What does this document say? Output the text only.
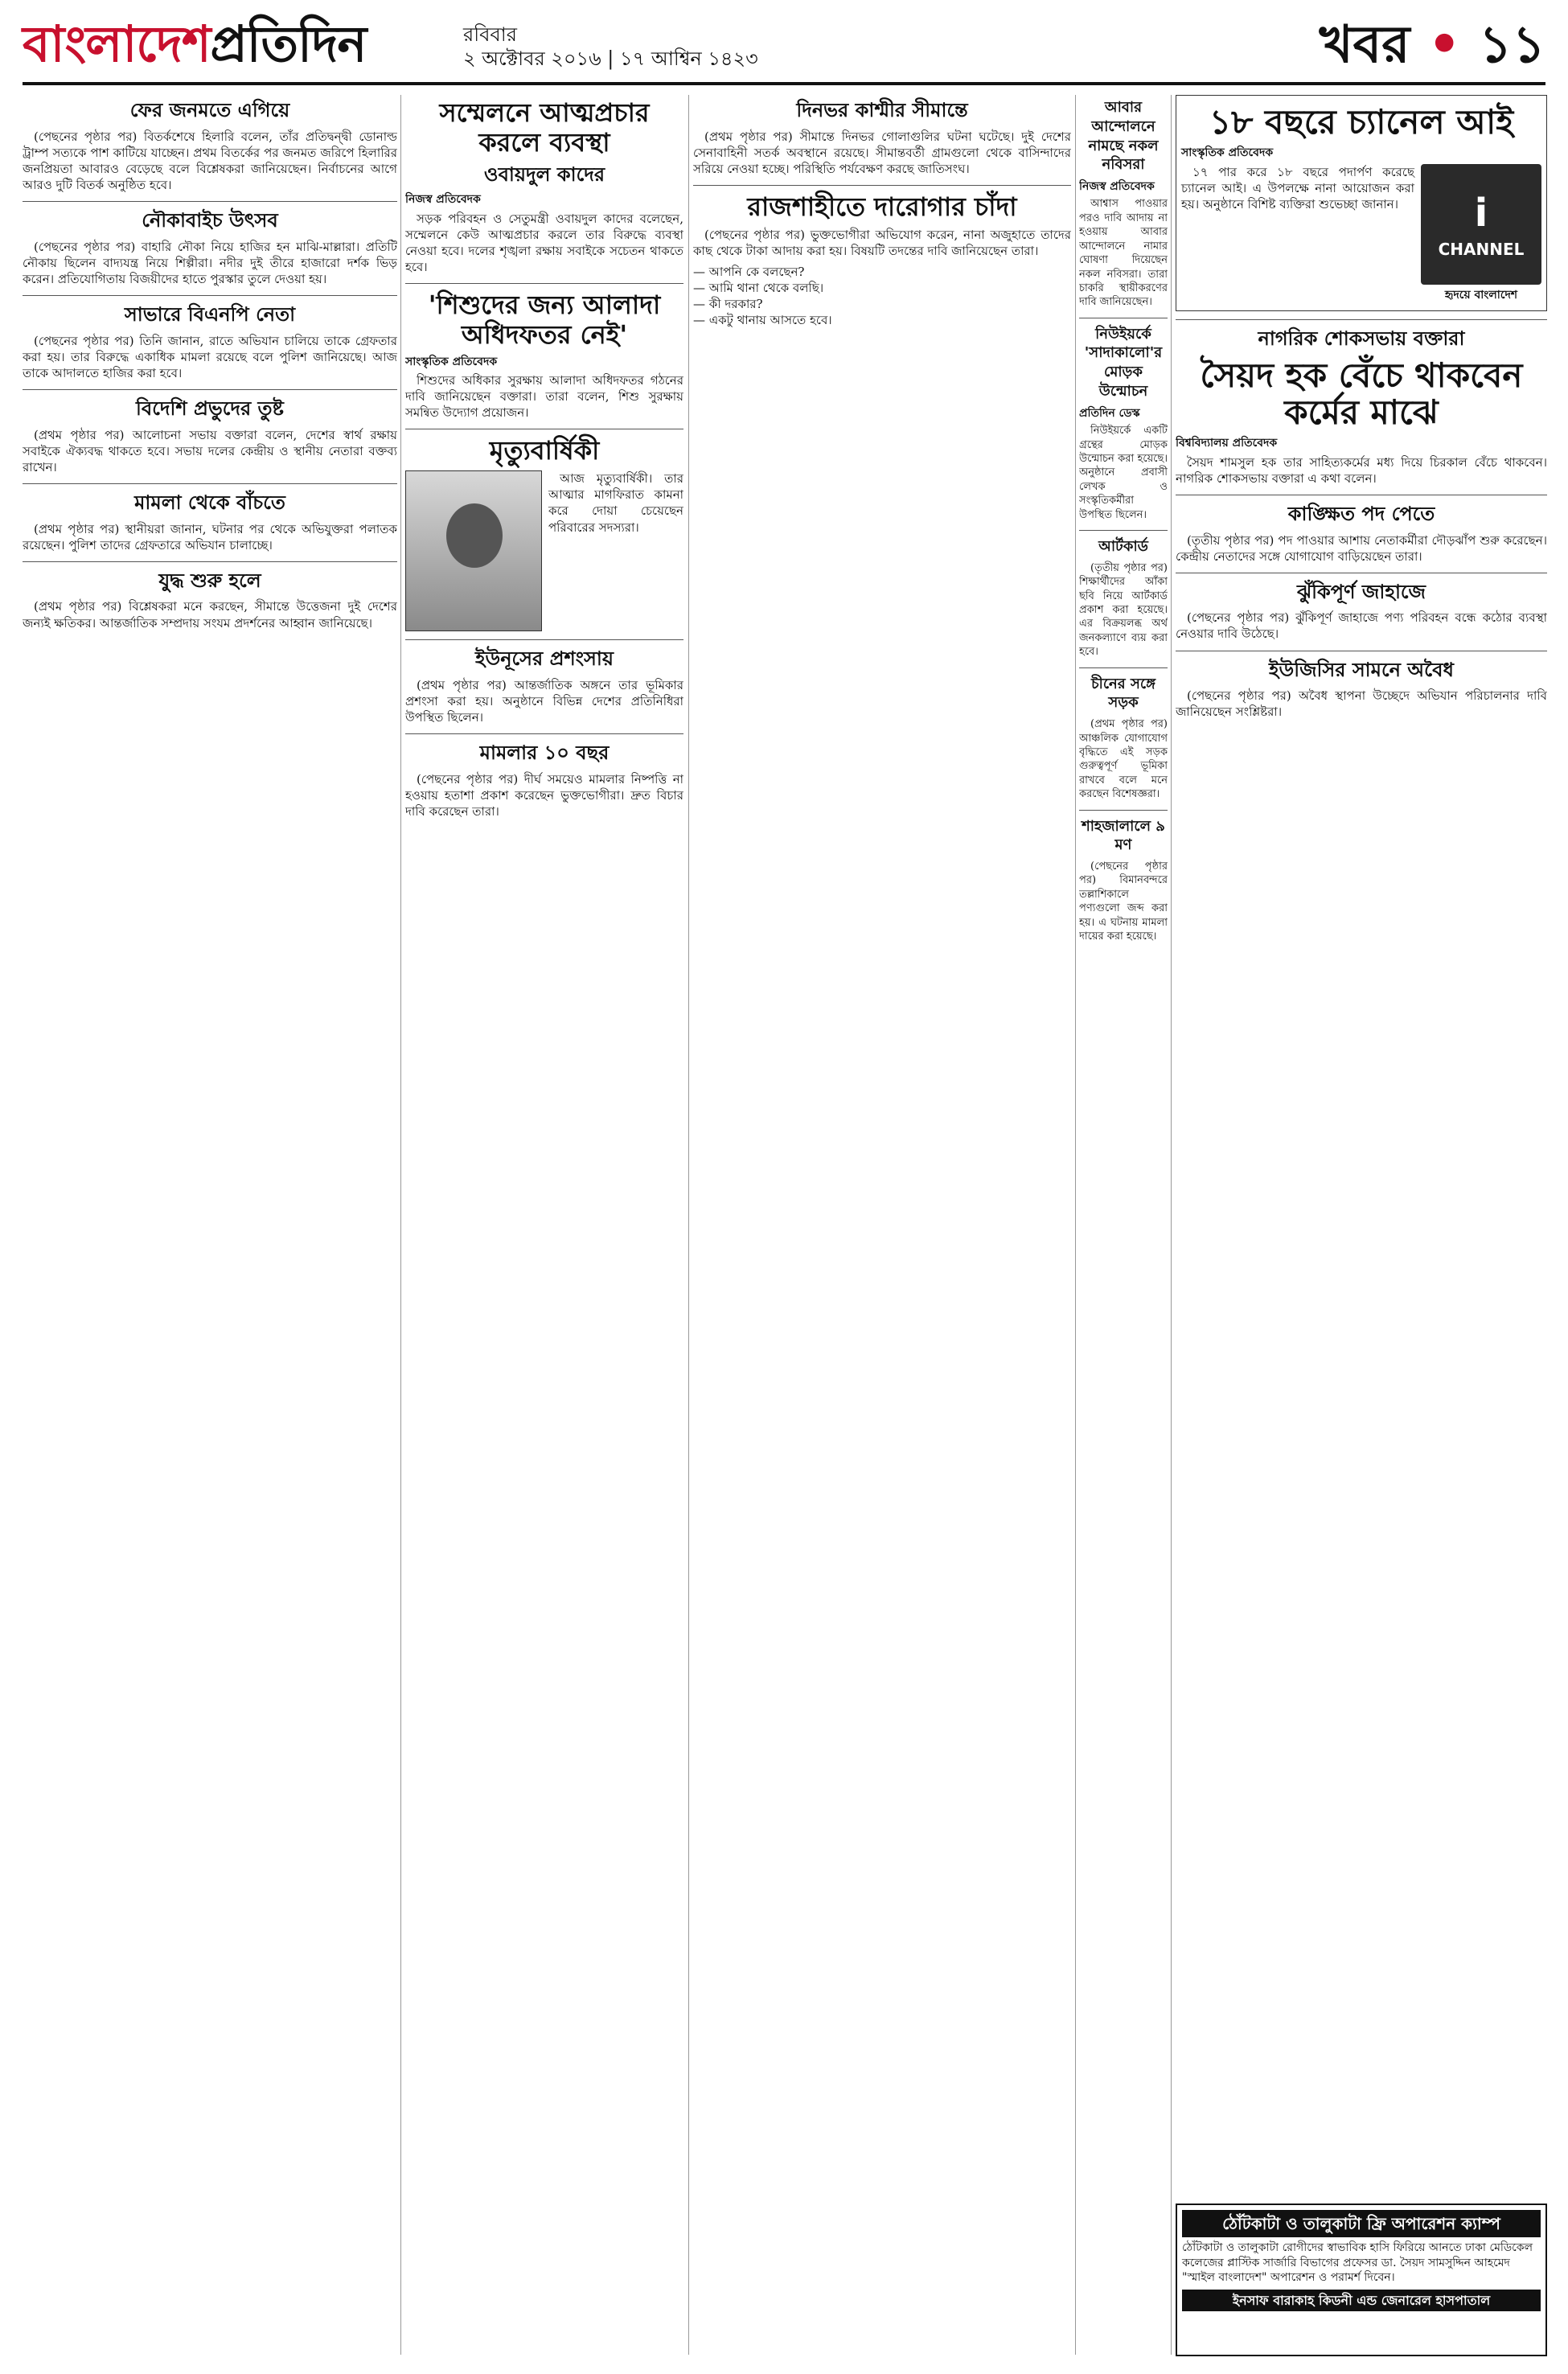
বাংলাদেশপ্রতিদিন	রবিবার
২ অক্টোবর ২০১৬ | ১৭ আশ্বিন ১৪২৩	খবর • ১১
ফের জনমতে এগিয়ে

(পেছনের পৃষ্ঠার পর) বিতর্কশেষে হিলারি বলেন, তাঁর প্রতিদ্বন্দ্বী ডোনাল্ড ট্রাম্প সত্যকে পাশ কাটিয়ে যাচ্ছেন। প্রথম বিতর্কের পর জনমত জরিপে হিলারির জনপ্রিয়তা আবারও বেড়েছে বলে বিশ্লেষকরা জানিয়েছেন। নির্বাচনের আগে আরও দুটি বিতর্ক অনুষ্ঠিত হবে।

নৌকাবাইচ উৎসব

(পেছনের পৃষ্ঠার পর) বাহারি নৌকা নিয়ে হাজির হন মাঝি-মাল্লারা। প্রতিটি নৌকায় ছিলেন বাদ্যযন্ত্র নিয়ে শিল্পীরা। নদীর দুই তীরে হাজারো দর্শক ভিড় করেন। প্রতিযোগিতায় বিজয়ীদের হাতে পুরস্কার তুলে দেওয়া হয়।

সাভারে বিএনপি নেতা

(পেছনের পৃষ্ঠার পর) তিনি জানান, রাতে অভিযান চালিয়ে তাকে গ্রেফতার করা হয়। তার বিরুদ্ধে একাধিক মামলা রয়েছে বলে পুলিশ জানিয়েছে। আজ তাকে আদালতে হাজির করা হবে।

বিদেশি প্রভুদের তুষ্ট

(প্রথম পৃষ্ঠার পর) আলোচনা সভায় বক্তারা বলেন, দেশের স্বার্থ রক্ষায় সবাইকে ঐক্যবদ্ধ থাকতে হবে। সভায় দলের কেন্দ্রীয় ও স্থানীয় নেতারা বক্তব্য রাখেন।

মামলা থেকে বাঁচতে

(প্রথম পৃষ্ঠার পর) স্থানীয়রা জানান, ঘটনার পর থেকে অভিযুক্তরা পলাতক রয়েছেন। পুলিশ তাদের গ্রেফতারে অভিযান চালাচ্ছে।

যুদ্ধ শুরু হলে

(প্রথম পৃষ্ঠার পর) বিশ্লেষকরা মনে করছেন, সীমান্তে উত্তেজনা দুই দেশের জন্যই ক্ষতিকর। আন্তর্জাতিক সম্প্রদায় সংযম প্রদর্শনের আহ্বান জানিয়েছে।

সম্মেলনে আত্মপ্রচার করলে ব্যবস্থা
ওবায়দুল কাদের
নিজস্ব প্রতিবেদক

সড়ক পরিবহন ও সেতুমন্ত্রী ওবায়দুল কাদের বলেছেন, সম্মেলনে কেউ আত্মপ্রচার করলে তার বিরুদ্ধে ব্যবস্থা নেওয়া হবে। দলের শৃঙ্খলা রক্ষায় সবাইকে সচেতন থাকতে হবে।

'শিশুদের জন্য আলাদা অধিদফতর নেই'
সাংস্কৃতিক প্রতিবেদক

শিশুদের অধিকার সুরক্ষায় আলাদা অধিদফতর গঠনের দাবি জানিয়েছেন বক্তারা। তারা বলেন, শিশু সুরক্ষায় সমন্বিত উদ্যোগ প্রয়োজন।

মৃত্যুবার্ষিকী

আজ মৃত্যুবার্ষিকী। তার আত্মার মাগফিরাত কামনা করে দোয়া চেয়েছেন পরিবারের সদস্যরা।

ইউনূসের প্রশংসায়

(প্রথম পৃষ্ঠার পর) আন্তর্জাতিক অঙ্গনে তার ভূমিকার প্রশংসা করা হয়। অনুষ্ঠানে বিভিন্ন দেশের প্রতিনিধিরা উপস্থিত ছিলেন।

মামলার ১০ বছর

(পেছনের পৃষ্ঠার পর) দীর্ঘ সময়েও মামলার নিষ্পত্তি না হওয়ায় হতাশা প্রকাশ করেছেন ভুক্তভোগীরা। দ্রুত বিচার দাবি করেছেন তারা।

দিনভর কাশ্মীর সীমান্তে

(প্রথম পৃষ্ঠার পর) সীমান্তে দিনভর গোলাগুলির ঘটনা ঘটেছে। দুই দেশের সেনাবাহিনী সতর্ক অবস্থানে রয়েছে। সীমান্তবর্তী গ্রামগুলো থেকে বাসিন্দাদের সরিয়ে নেওয়া হচ্ছে। পরিস্থিতি পর্যবেক্ষণ করছে জাতিসংঘ।

রাজশাহীতে দারোগার চাঁদা

(পেছনের পৃষ্ঠার পর) ভুক্তভোগীরা অভিযোগ করেন, নানা অজুহাতে তাদের কাছ থেকে টাকা আদায় করা হয়। বিষয়টি তদন্তের দাবি জানিয়েছেন তারা।

— আপনি কে বলছেন?
— আমি থানা থেকে বলছি।
— কী দরকার?
— একটু থানায় আসতে হবে।
আবার আন্দোলনে নামছে নকল নবিসরা
নিজস্ব প্রতিবেদক

আশ্বাস পাওয়ার পরও দাবি আদায় না হওয়ায় আবার আন্দোলনে নামার ঘোষণা দিয়েছেন নকল নবিসরা। তারা চাকরি স্থায়ীকরণের দাবি জানিয়েছেন।

নিউইয়র্কে 'সাদাকালো'র মোড়ক উন্মোচন
প্রতিদিন ডেস্ক

নিউইয়র্কে একটি গ্রন্থের মোড়ক উন্মোচন করা হয়েছে। অনুষ্ঠানে প্রবাসী লেখক ও সংস্কৃতিকর্মীরা উপস্থিত ছিলেন।

আর্টকার্ড

(তৃতীয় পৃষ্ঠার পর) শিক্ষার্থীদের আঁকা ছবি নিয়ে আর্টকার্ড প্রকাশ করা হয়েছে। এর বিক্রয়লব্ধ অর্থ জনকল্যাণে ব্যয় করা হবে।

চীনের সঙ্গে সড়ক

(প্রথম পৃষ্ঠার পর) আঞ্চলিক যোগাযোগ বৃদ্ধিতে এই সড়ক গুরুত্বপূর্ণ ভূমিকা রাখবে বলে মনে করছেন বিশেষজ্ঞরা।

শাহজালালে ৯ মণ

(পেছনের পৃষ্ঠার পর) বিমানবন্দরে তল্লাশিকালে পণ্যগুলো জব্দ করা হয়। এ ঘটনায় মামলা দায়ের করা হয়েছে।

১৮ বছরে চ্যানেল আই
সাংস্কৃতিক প্রতিবেদক

১৭ পার করে ১৮ বছরে পদার্পণ করেছে চ্যানেল আই। এ উপলক্ষে নানা আয়োজন করা হয়। অনুষ্ঠানে বিশিষ্ট ব্যক্তিরা শুভেচ্ছা জানান।	i
CHANNEL
হৃদয়ে বাংলাদেশ
নাগরিক শোকসভায় বক্তারা
সৈয়দ হক বেঁচে থাকবেন কর্মের মাঝে
বিশ্ববিদ্যালয় প্রতিবেদক

সৈয়দ শামসুল হক তার সাহিত্যকর্মের মধ্য দিয়ে চিরকাল বেঁচে থাকবেন। নাগরিক শোকসভায় বক্তারা এ কথা বলেন।

কাঙ্ক্ষিত পদ পেতে

(তৃতীয় পৃষ্ঠার পর) পদ পাওয়ার আশায় নেতাকর্মীরা দৌড়ঝাঁপ শুরু করেছেন। কেন্দ্রীয় নেতাদের সঙ্গে যোগাযোগ বাড়িয়েছেন তারা।

ঝুঁকিপূর্ণ জাহাজে

(পেছনের পৃষ্ঠার পর) ঝুঁকিপূর্ণ জাহাজে পণ্য পরিবহন বন্ধে কঠোর ব্যবস্থা নেওয়ার দাবি উঠেছে।

ইউজিসির সামনে অবৈধ

(পেছনের পৃষ্ঠার পর) অবৈধ স্থাপনা উচ্ছেদে অভিযান পরিচালনার দাবি জানিয়েছেন সংশ্লিষ্টরা।

ঠোঁটকাটা ও তালুকাটা ফ্রি অপারেশন ক্যাম্প
ঠোঁটকাটা ও তালুকাটা রোগীদের স্বাভাবিক হাসি ফিরিয়ে আনতে ঢাকা মেডিকেল কলেজের প্লাস্টিক সার্জারি বিভাগের প্রফেসর ডা. সৈয়দ সামসুদ্দিন আহমেদ "স্মাইল বাংলাদেশ" অপারেশন ও পরামর্শ দিবেন।
ইনসাফ বারাকাহ কিডনী এন্ড জেনারেল হাসপাতাল
